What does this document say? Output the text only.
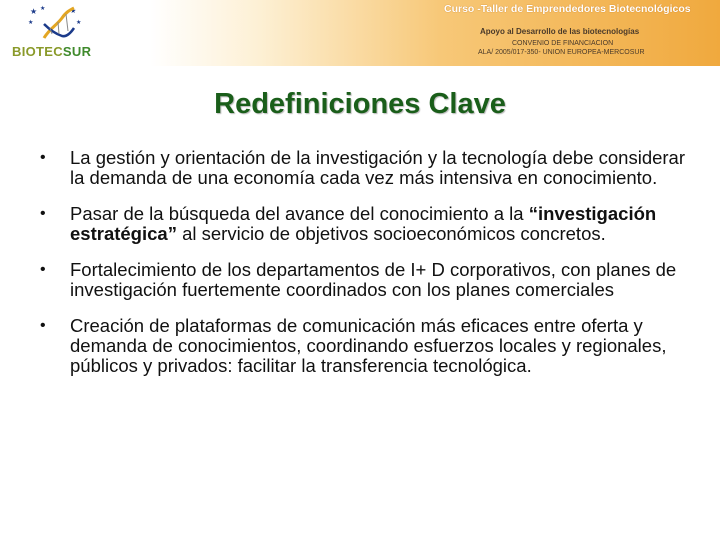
★ ★
★
★
★
BIOTECSUR
Curso -Taller de Emprendedores Biotecnológicos
Apoyo al Desarrollo de las biotecnologías
CONVENIO DE FINANCIACION
ALA/ 2005/017-350- UNION EUROPEA-MERCOSUR
Redefiniciones Clave
• La gestión y orientación de la investigación y la tecnología debe considerar la demanda de una economía cada vez más intensiva en conocimiento.
• Pasar de la búsqueda del avance del conocimiento a la “investigación estratégica” al servicio de objetivos socioeconómicos concretos.
• Fortalecimiento de los departamentos de I+ D corporativos, con planes de investigación fuertemente coordinados con los planes comerciales
• Creación de plataformas de comunicación más eficaces entre oferta y demanda de conocimientos, coordinando esfuerzos locales y regionales, públicos y privados: facilitar la transferencia tecnológica.
